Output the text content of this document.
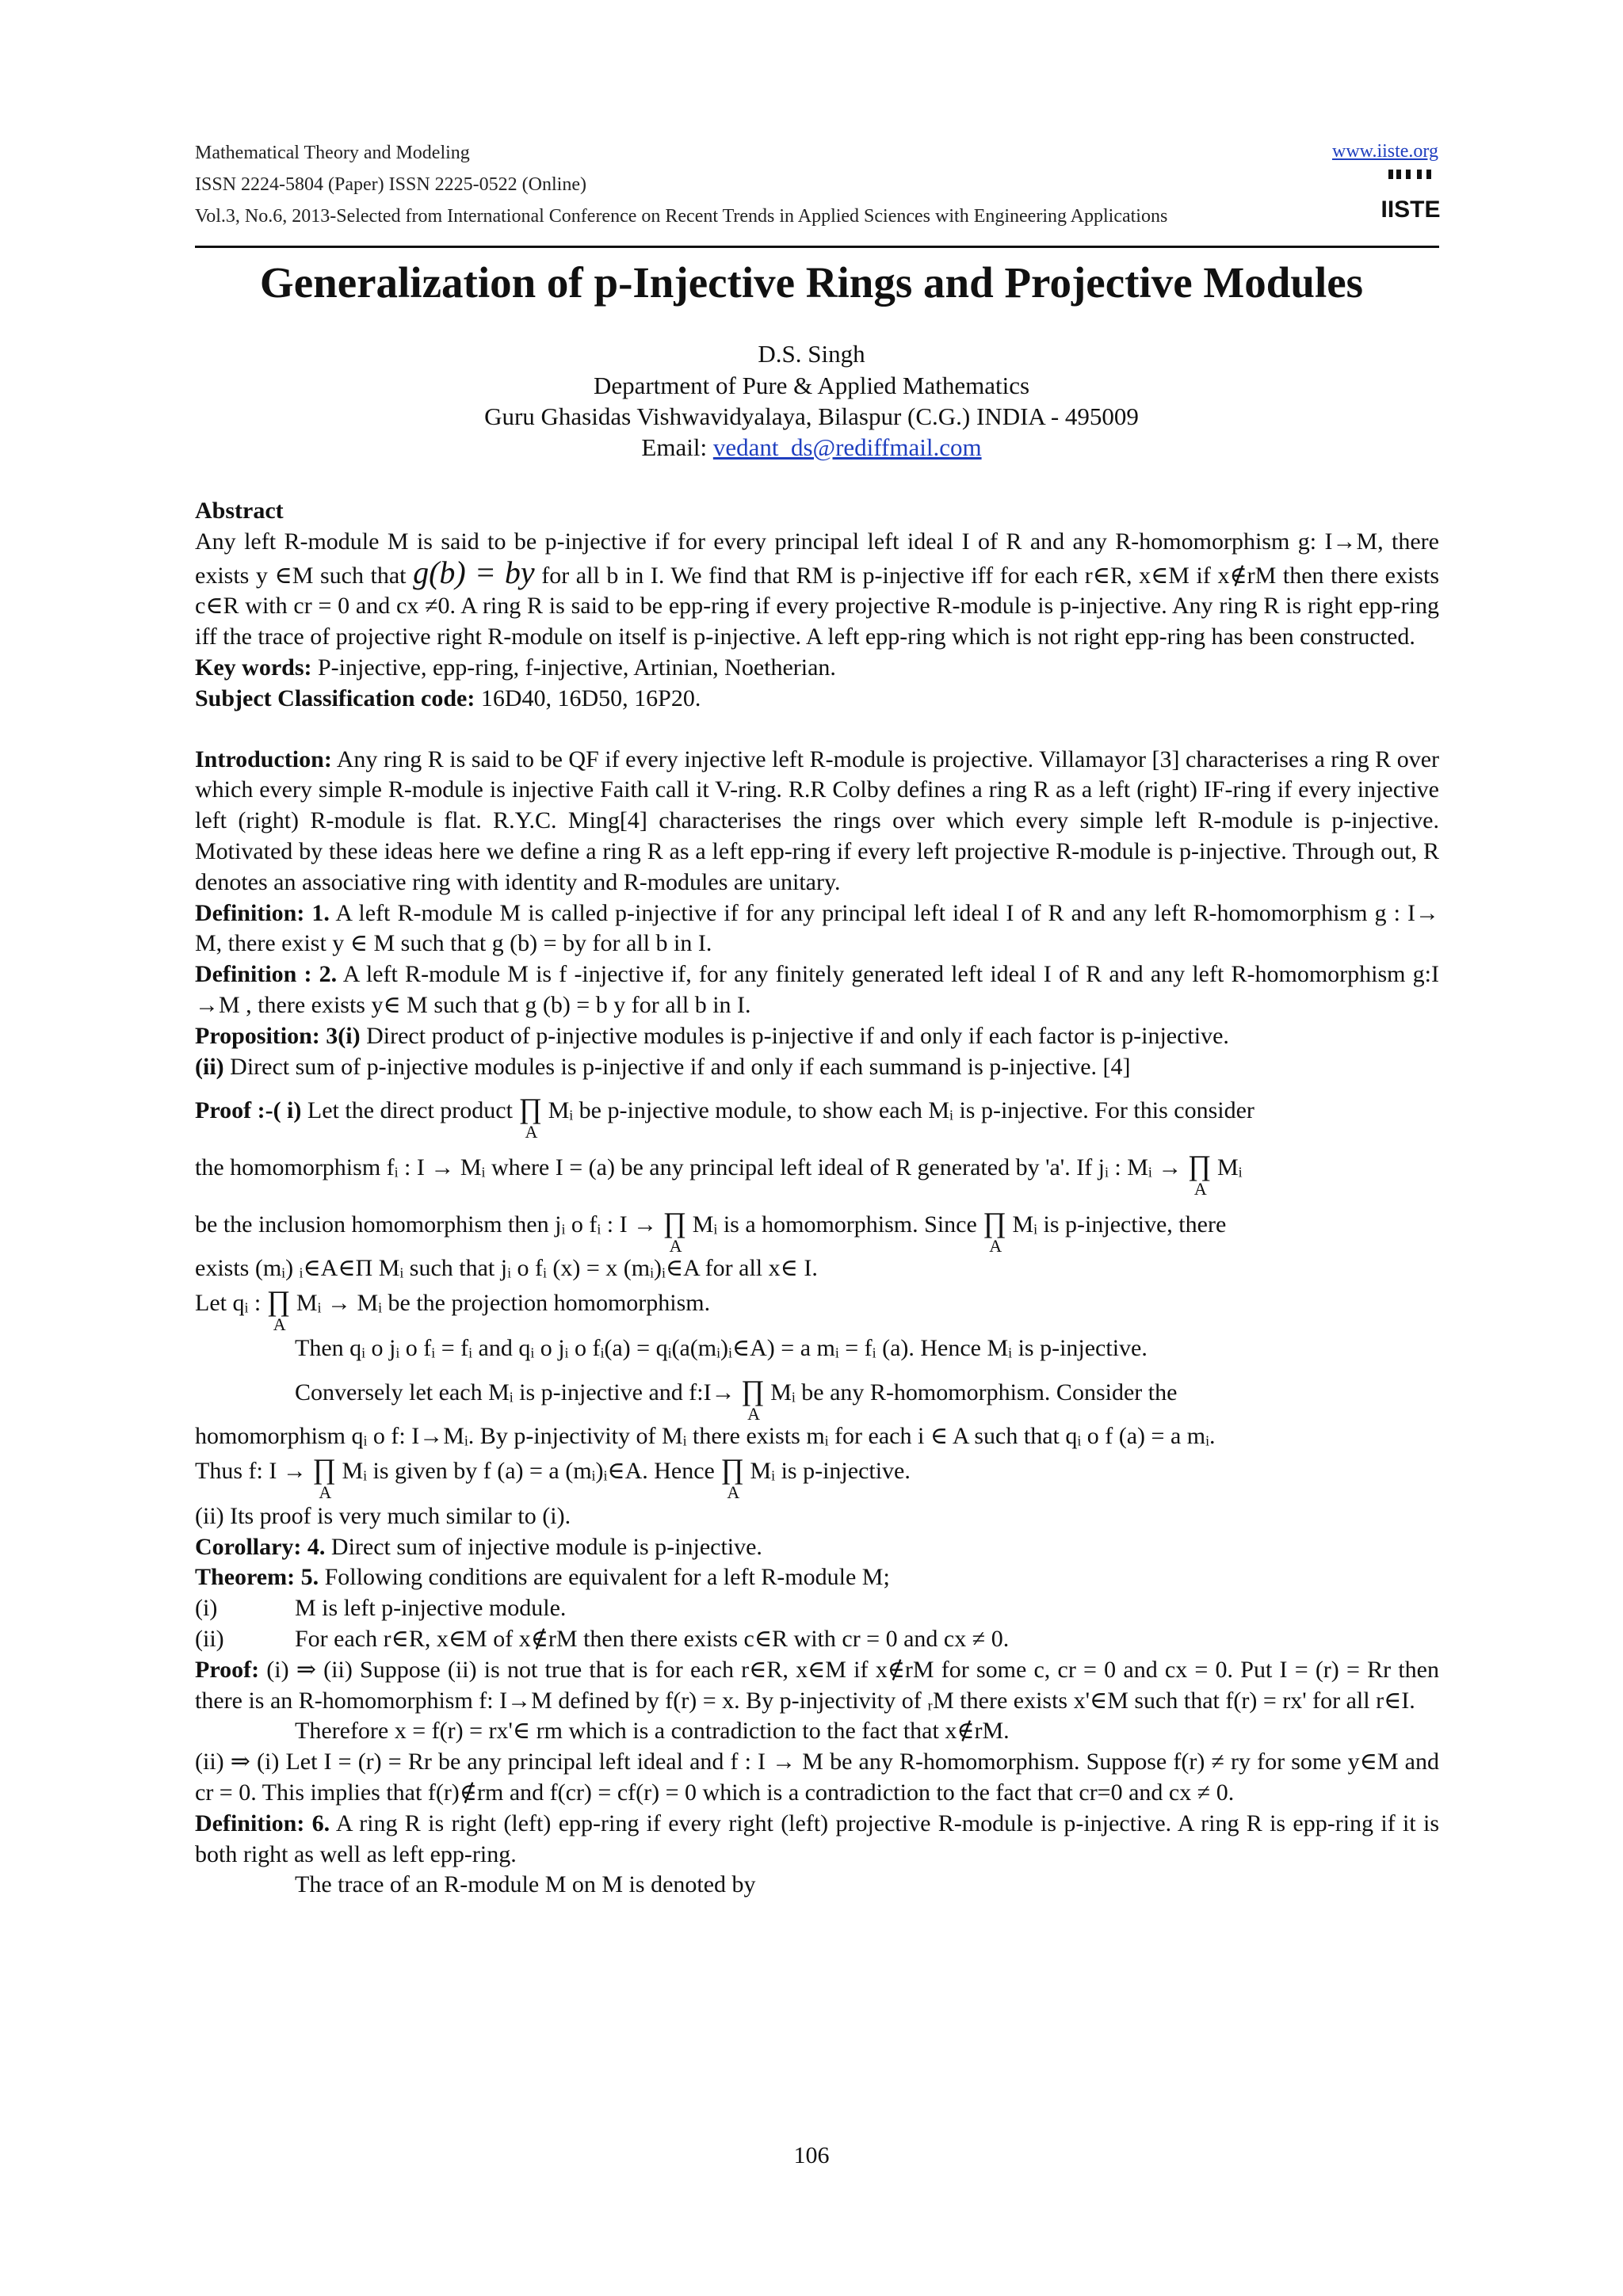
Mathematical Theory and Modeling
ISSN 2224-5804 (Paper) ISSN 2225-0522 (Online)
Vol.3, No.6, 2013-Selected from International Conference on Recent Trends in Applied Sciences with Engineering Applications
www.iiste.org
IISTE
Generalization of p-Injective Rings and Projective Modules
D.S. Singh
Department of Pure & Applied Mathematics
Guru Ghasidas Vishwavidyalaya, Bilaspur (C.G.) INDIA - 495009
Email: vedant_ds@rediffmail.com

Abstract

Any left R-module M is said to be p-injective if for every principal left ideal I of R and any R-homomorphism g: I→M, there exists y ∈M such that g(b) = by for all b in I. We find that RM is p-injective iff for each r∈R, x∈M if x∉rM then there exists c∈R with cr = 0 and cx ≠0. A ring R is said to be epp-ring if every projective R-module is p-injective. Any ring R is right epp-ring iff the trace of projective right R-module on itself is p-injective. A left epp-ring which is not right epp-ring has been constructed.

Key words: P-injective, epp-ring, f-injective, Artinian, Noetherian.

Subject Classification code: 16D40, 16D50, 16P20.

Introduction: Any ring R is said to be QF if every injective left R-module is projective. Villamayor [3] characterises a ring R over which every simple R-module is injective Faith call it V-ring. R.R Colby defines a ring R as a left (right) IF-ring if every injective left (right) R-module is flat. R.Y.C. Ming[4] characterises the rings over which every simple left R-module is p-injective. Motivated by these ideas here we define a ring R as a left epp-ring if every left projective R-module is p-injective. Through out, R denotes an associative ring with identity and R-modules are unitary.

Definition: 1. A left R-module M is called p-injective if for any principal left ideal I of R and any left R-homomorphism g : I→ M, there exist y ∈ M such that g (b) = by for all b in I.

Definition : 2. A left R-module M is f -injective if, for any finitely generated left ideal I of R and any left R-homomorphism g:I →M , there exists y∈ M such that g (b) = b y for all b in I.

Proposition: 3(i) Direct product of p-injective modules is p-injective if and only if each factor is p-injective.

(ii) Direct sum of p-injective modules is p-injective if and only if each summand is p-injective. [4]

Proof :-( i) Let the direct product ∏
A
Mᵢ be p-injective module, to show each Mᵢ is p-injective. For this consider

the homomorphism fᵢ : I → Mᵢ where I = (a) be any principal left ideal of R generated by 'a'. If jᵢ : Mᵢ → ∏
A
Mᵢ

be the inclusion homomorphism then jᵢ o fᵢ : I → ∏
A
Mᵢ is a homomorphism. Since ∏
A
Mᵢ is p-injective, there

exists (mᵢ) ᵢ∈A∈Π Mᵢ such that jᵢ o fᵢ (x) = x (mᵢ)ᵢ∈A for all x∈ I.

Let qᵢ : ∏
A
Mᵢ → Mᵢ be the projection homomorphism.

Then qᵢ o jᵢ o fᵢ = fᵢ and qᵢ o jᵢ o fᵢ(a) = qᵢ(a(mᵢ)ᵢ∈A) = a mᵢ = fᵢ (a). Hence Mᵢ is p-injective.

Conversely let each Mᵢ is p-injective and f:I→ ∏
A
Mᵢ be any R-homomorphism. Consider the

homomorphism qᵢ o f: I→Mᵢ. By p-injectivity of Mᵢ there exists mᵢ for each i ∈ A such that qᵢ o f (a) = a mᵢ.

Thus f: I → ∏
A
Mᵢ is given by f (a) = a (mᵢ)ᵢ∈A. Hence ∏
A
Mᵢ is p-injective.

(ii) Its proof is very much similar to (i).

Corollary: 4. Direct sum of injective module is p-injective.

Theorem: 5. Following conditions are equivalent for a left R-module M;

(i)	M is left p-injective module.
(ii)	For each r∈R, x∈M of x∉rM then there exists c∈R with cr = 0 and cx ≠ 0.

Proof: (i) ⇒ (ii) Suppose (ii) is not true that is for each r∈R, x∈M if x∉rM for some c, cr = 0 and cx = 0. Put I = (r) = Rr then there is an R-homomorphism f: I→M defined by f(r) = x. By p-injectivity of ᵣM there exists x'∈M such that f(r) = rx' for all r∈I.

Therefore x = f(r) = rx'∈ rm which is a contradiction to the fact that x∉rM.

(ii) ⇒ (i) Let I = (r) = Rr be any principal left ideal and f : I → M be any R-homomorphism. Suppose f(r) ≠ ry for some y∈M and cr = 0. This implies that f(r)∉rm and f(cr) = cf(r) = 0 which is a contradiction to the fact that cr=0 and cx ≠ 0.

Definition: 6. A ring R is right (left) epp-ring if every right (left) projective R-module is p-injective. A ring R is epp-ring if it is both right as well as left epp-ring.

The trace of an R-module M on M is denoted by

106
